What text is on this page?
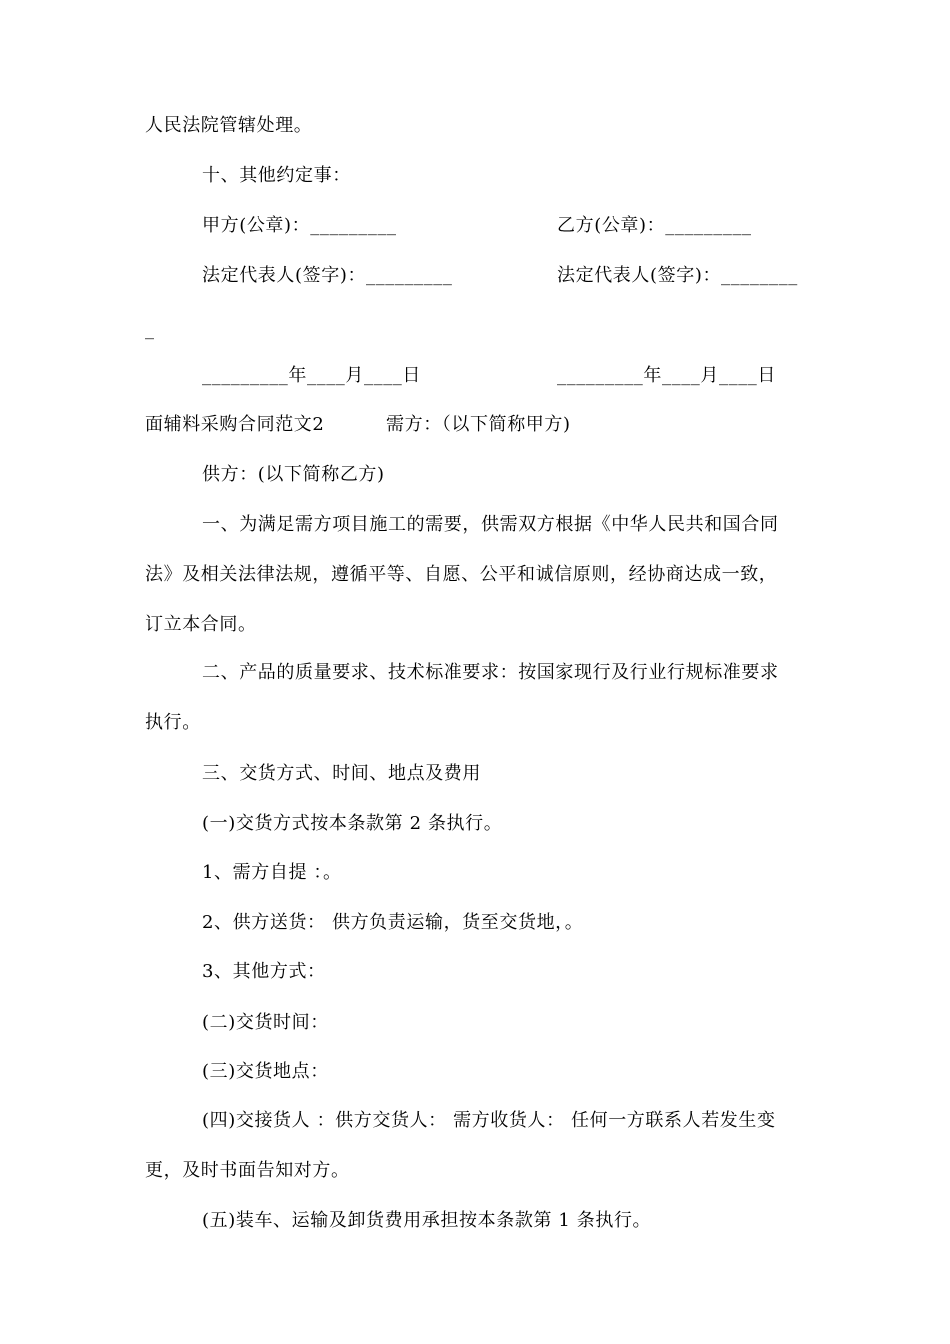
人民法院管辖处理。
十、其他约定事：
甲方(公章)：_________	乙方(公章)：_________
法定代表人(签字)：_________	法定代表人(签字)：________
_
_________年____月____日	_________年____月____日
面辅料采购合同范文2	需方：（以下简称甲方)
供方：(以下简称乙方)
一、为满足需方项目施工的需要，供需双方根据《中华人民共和国合同
法》及相关法律法规，遵循平等、自愿、公平和诚信原则，经协商达成一致，
订立本合同。
二、产品的质量要求、技术标准要求：按国家现行及行业行规标准要求
执行。
三、交货方式、时间、地点及费用
(一)交货方式按本条款第 2 条执行。
1、需方自提 ：。
2、供方送货： 供方负责运输，货至交货地，。
3、其他方式：
(二)交货时间：
(三)交货地点：
(四)交接货人 ：供方交货人： 需方收货人： 任何一方联系人若发生变
更，及时书面告知对方。
(五)装车、运输及卸货费用承担按本条款第 1 条执行。
